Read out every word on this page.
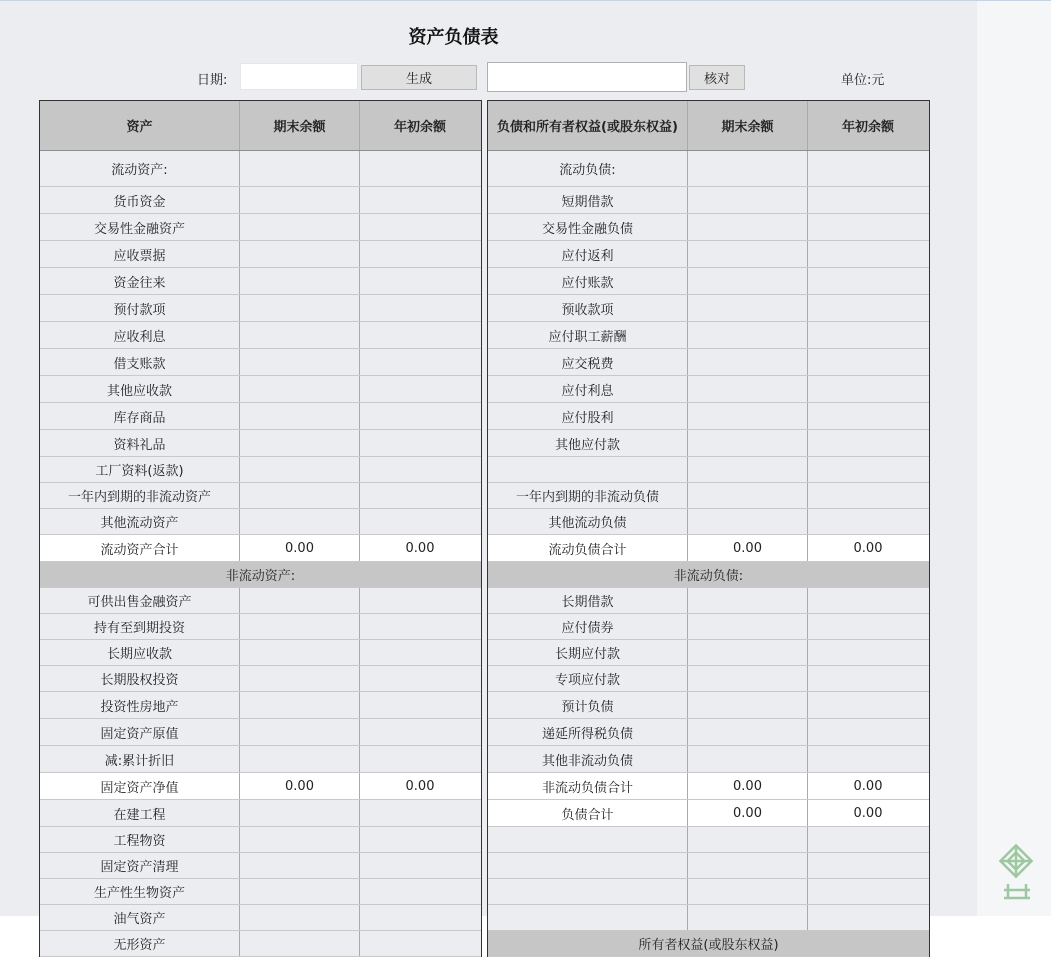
资产负债表
日期:	生成	核对	单位:元
资产	期末余额	年初余额
流动资产:
货币资金
交易性金融资产
应收票据
资金往来
预付款项
应收利息
借支账款
其他应收款
库存商品
资料礼品
工厂资料(返款)
一年内到期的非流动资产
其他流动资产
流动资产合计	0.00	0.00
非流动资产:
可供出售金融资产
持有至到期投资
长期应收款
长期股权投资
投资性房地产
固定资产原值
减:累计折旧
固定资产净值	0.00	0.00
在建工程
工程物资
固定资产清理
生产性生物资产
油气资产
无形资产
负债和所有者权益(或股东权益)	期末余额	年初余额
流动负债:
短期借款
交易性金融负债
应付返利
应付账款
预收款项
应付职工薪酬
应交税费
应付利息
应付股利
其他应付款
一年内到期的非流动负债
其他流动负债
流动负债合计	0.00	0.00
非流动负债:
长期借款
应付债券
长期应付款
专项应付款
预计负债
递延所得税负债
其他非流动负债
非流动负债合计	0.00	0.00
负债合计	0.00	0.00
所有者权益(或股东权益)
